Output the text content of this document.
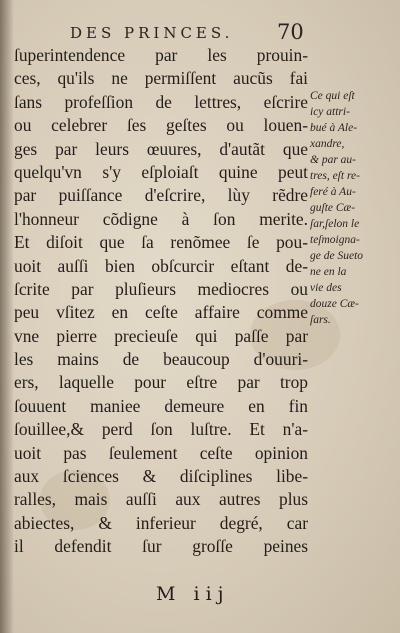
DES PRINCES.	70
ſuperintendence par les prouin-
ces, qu'ils ne permiſſent aucũs fai
ſans profeſſion de lettres, eſcrire
ou celebrer ſes geſtes ou louen-
ges par leurs œuures, d'autãt que
quelqu'vn s'y eſploiaſt quine peut
par puiſſance d'eſcrire, lùy rẽdre
l'honneur cõdigne à ſon merite.
Et diſoit que ſa renõmee ſe pou-
uoit auſſi bien obſcurcir eſtant de-
ſcrite par pluſieurs mediocres ou
peu vſitez en ceſte affaire comme
vne pierre precieuſe qui paſſe par
les mains de beaucoup d'ouuri-
ers, laquelle pour eſtre par trop
ſouuent maniee demeure en fin
ſouillee,& perd ſon luſtre. Et n'a-
uoit pas ſeulement ceſte opinion
aux ſciences & diſciplines libe-
ralles, mais auſſi aux autres plus
abiectes, & inferieur degré, car
il defendit ſur groſſe peines
Ce qui eſt
icy attri-
bué à Ale-
xandre,
& par au-
tres, eſt re-
feré à Au-
guſte Cæ-
ſar,ſelon le
teſmoigna-
ge de Sueto
ne en la
vie des
douze Cæ-
ſars.
M iij
